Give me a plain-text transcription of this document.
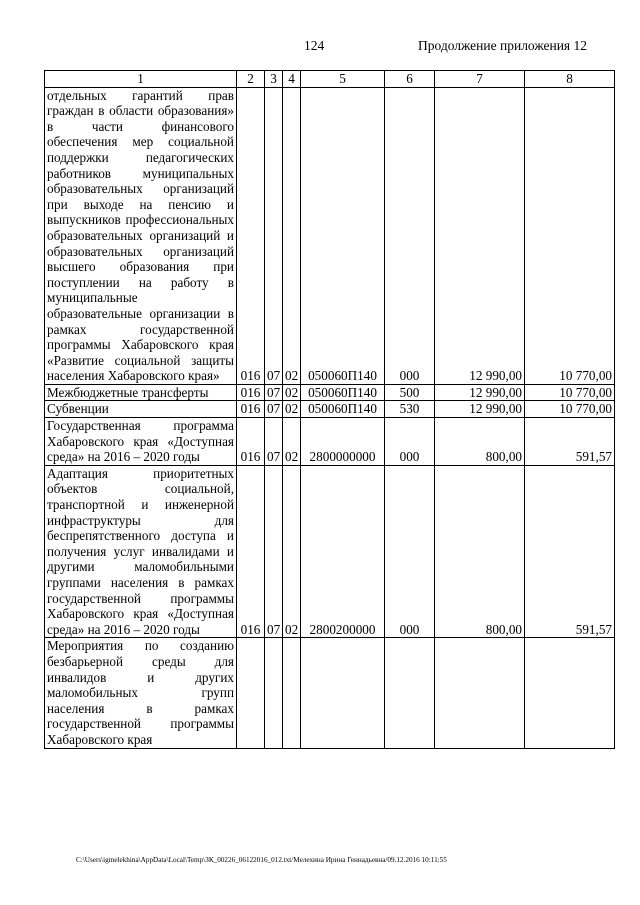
124	Продолжение приложения 12
1	2	3	4	5	6	7	8
отдельных гарантий прав граждан в области образования» в части финансового обеспечения мер социальной поддержки педагогических работников муниципальных образовательных организаций при выходе на пенсию и выпускников профессиональных образовательных организаций и образовательных организаций высшего образования при поступлении на работу в муниципальные образовательные организации в рамках государственной программы Хабаровского края «Развитие социальной защиты населения Хабаровского края»	016	07	02	050060П140	000	12 990,00	10 770,00
Межбюджетные трансферты	016	07	02	050060П140	500	12 990,00	10 770,00
Субвенции	016	07	02	050060П140	530	12 990,00	10 770,00
Государственная программа Хабаровского края «Доступная среда» на 2016 – 2020 годы	016	07	02	2800000000	000	800,00	591,57
Адаптация приоритетных объектов социальной, транспортной и инженерной инфраструктуры для беспрепятственного доступа и получения услуг инвалидами и другими маломобильными группами населения в рамках государственной программы Хабаровского края «Доступная среда» на 2016 – 2020 годы	016	07	02	2800200000	000	800,00	591,57
Мероприятия по созданию безбарьерной среды для инвалидов и других маломобильных групп населения в рамках государственной программы Хабаровского края							
C:\Users\igmelekhina\AppData\Local\Temp\ЗК_00226_06122016_012.txt/Мелехина Ирина Геннадьевна/09.12.2016 10:11:55
